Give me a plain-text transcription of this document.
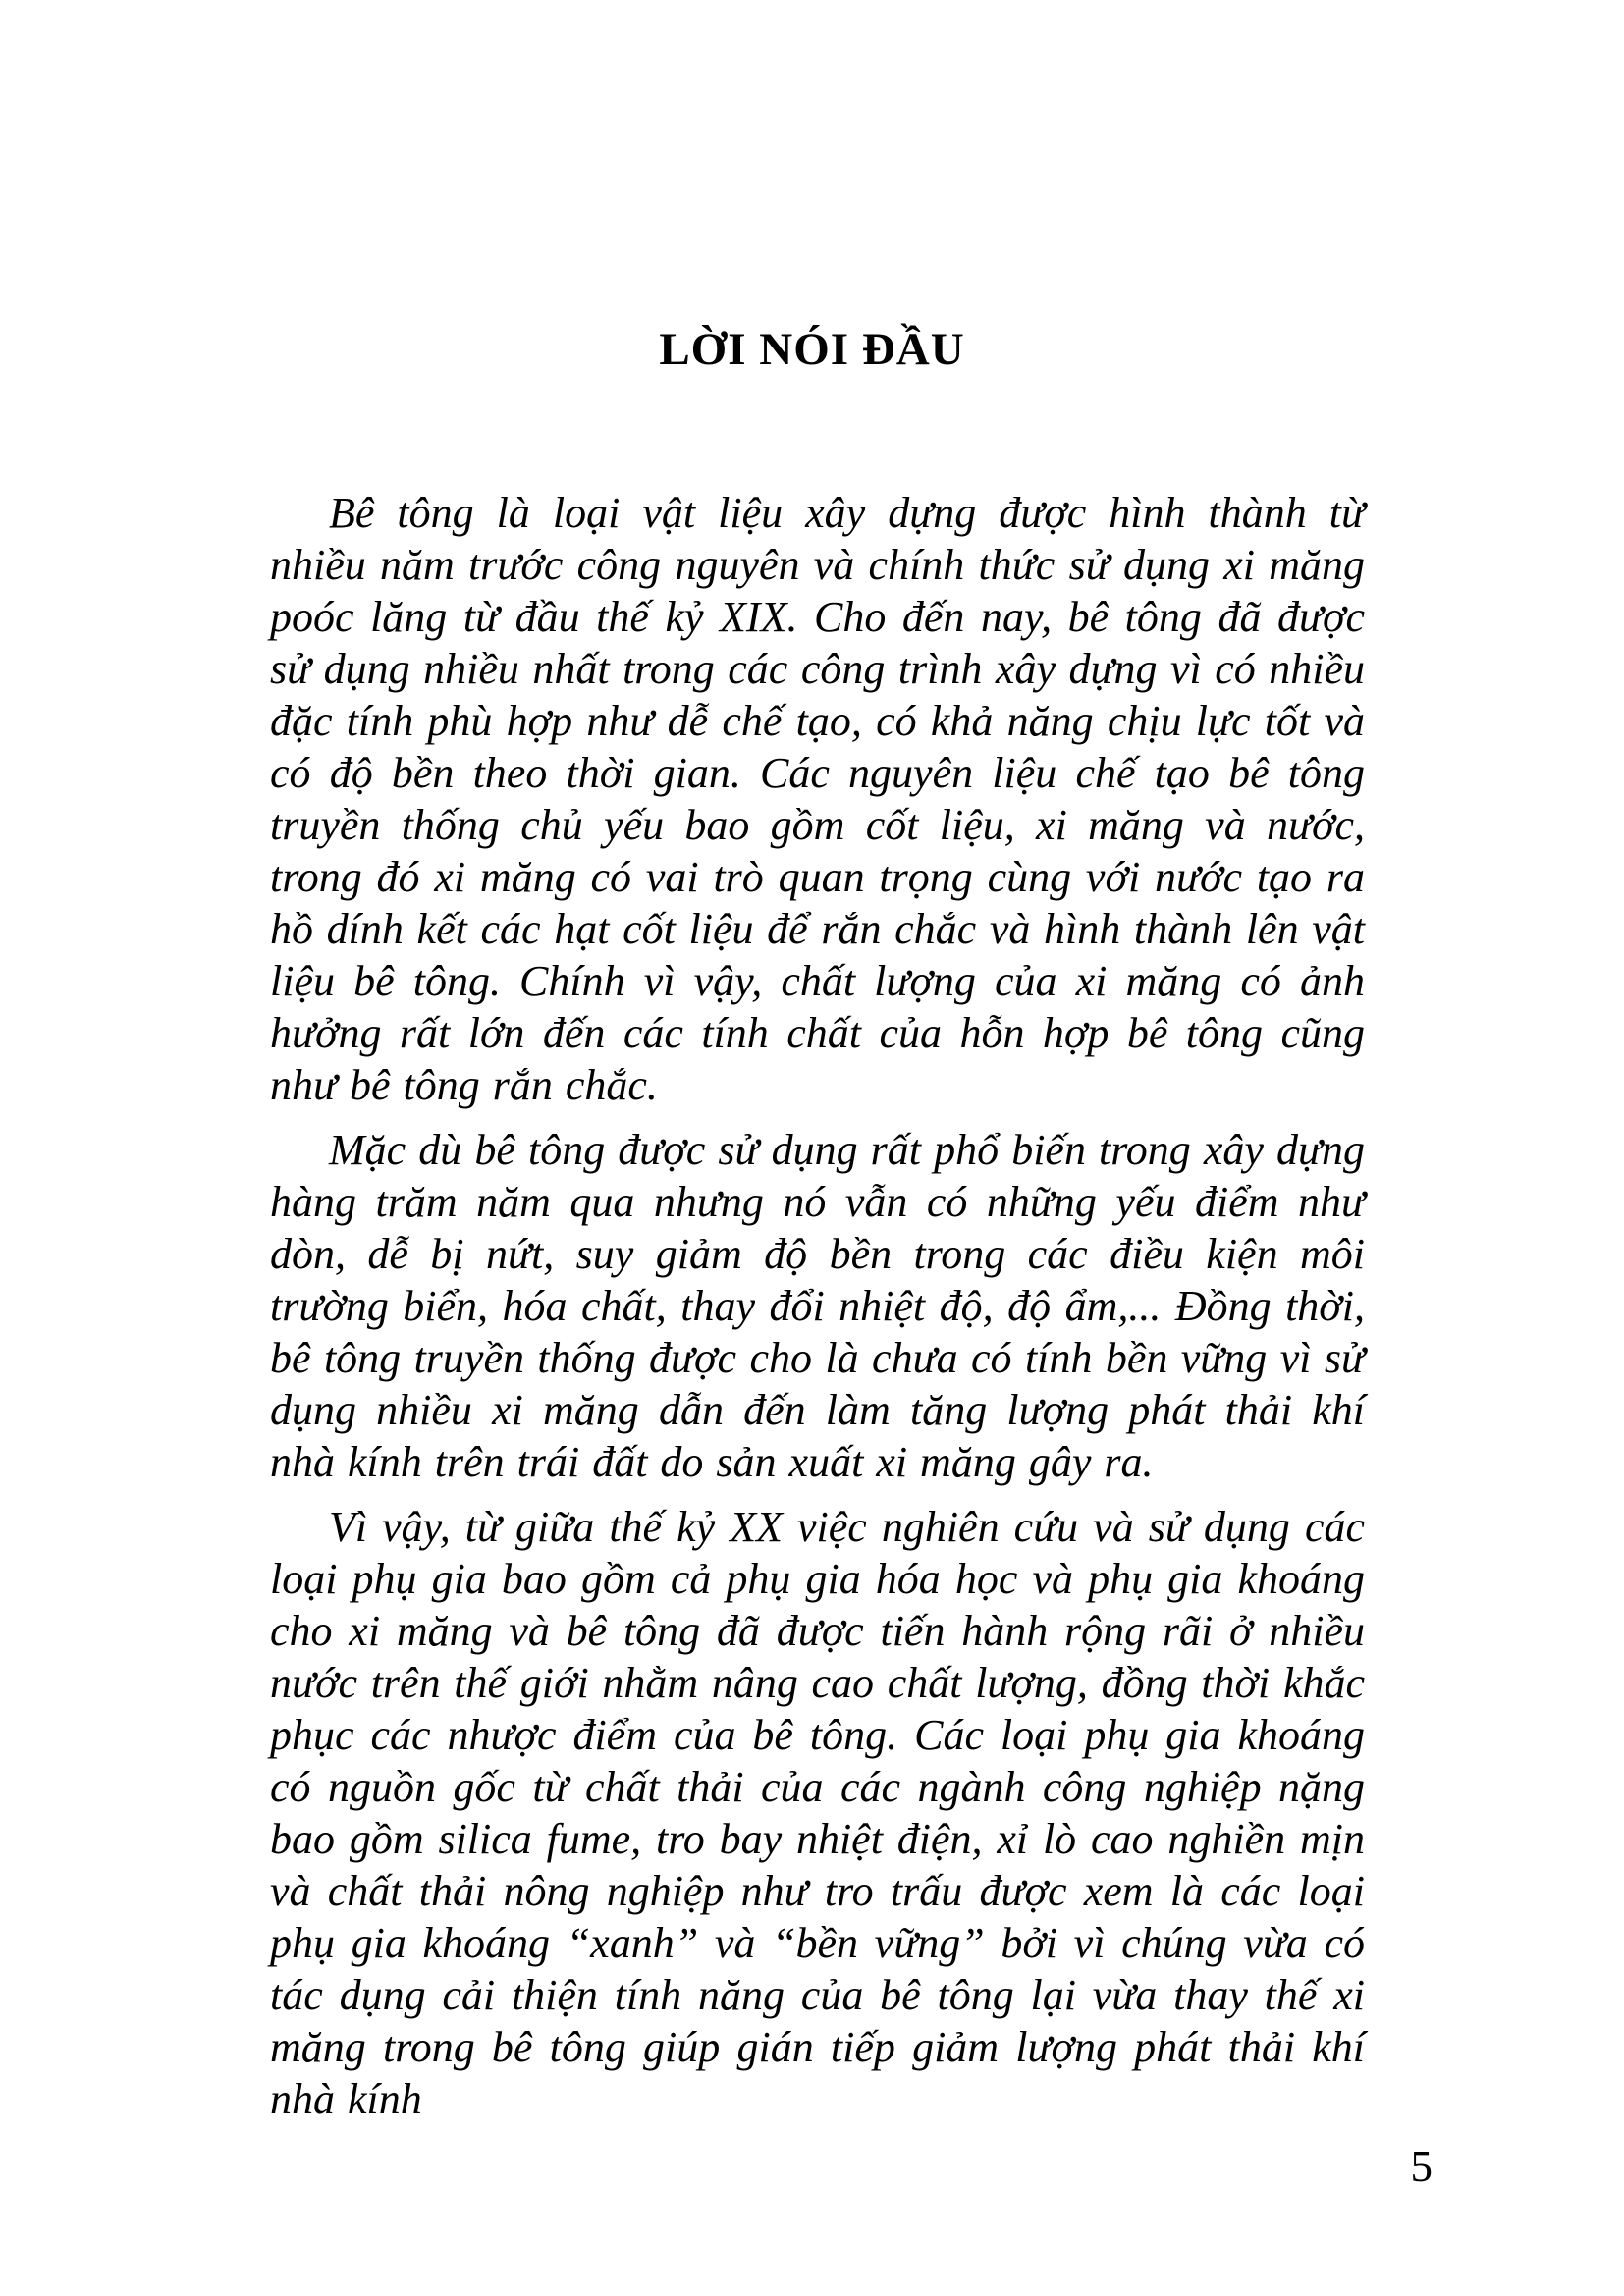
LỜI NÓI ĐẦU

Bê tông là loại vật liệu xây dựng được hình thành từ nhiều năm trước công nguyên và chính thức sử dụng xi măng poóc lăng từ đầu thế kỷ XIX. Cho đến nay, bê tông đã được sử dụng nhiều nhất trong các công trình xây dựng vì có nhiều đặc tính phù hợp như dễ chế tạo, có khả năng chịu lực tốt và có độ bền theo thời gian. Các nguyên liệu chế tạo bê tông truyền thống chủ yếu bao gồm cốt liệu, xi măng và nước, trong đó xi măng có vai trò quan trọng cùng với nước tạo ra hồ dính kết các hạt cốt liệu để rắn chắc và hình thành lên vật liệu bê tông. Chính vì vậy, chất lượng của xi măng có ảnh hưởng rất lớn đến các tính chất của hỗn hợp bê tông cũng như bê tông rắn chắc.

Mặc dù bê tông được sử dụng rất phổ biến trong xây dựng hàng trăm năm qua nhưng nó vẫn có những yếu điểm như dòn, dễ bị nứt, suy giảm độ bền trong các điều kiện môi trường biển, hóa chất, thay đổi nhiệt độ, độ ẩm,... Đồng thời, bê tông truyền thống được cho là chưa có tính bền vững vì sử dụng nhiều xi măng dẫn đến làm tăng lượng phát thải khí nhà kính trên trái đất do sản xuất xi măng gây ra.

Vì vậy, từ giữa thế kỷ XX việc nghiên cứu và sử dụng các loại phụ gia bao gồm cả phụ gia hóa học và phụ gia khoáng cho xi măng và bê tông đã được tiến hành rộng rãi ở nhiều nước trên thế giới nhằm nâng cao chất lượng, đồng thời khắc phục các nhược điểm của bê tông. Các loại phụ gia khoáng có nguồn gốc từ chất thải của các ngành công nghiệp nặng bao gồm silica fume, tro bay nhiệt điện, xỉ lò cao nghiền mịn và chất thải nông nghiệp như tro trấu được xem là các loại phụ gia khoáng “xanh” và “bền vững” bởi vì chúng vừa có tác dụng cải thiện tính năng của bê tông lại vừa thay thế xi măng trong bê tông giúp gián tiếp giảm lượng phát thải khí nhà kính

5
